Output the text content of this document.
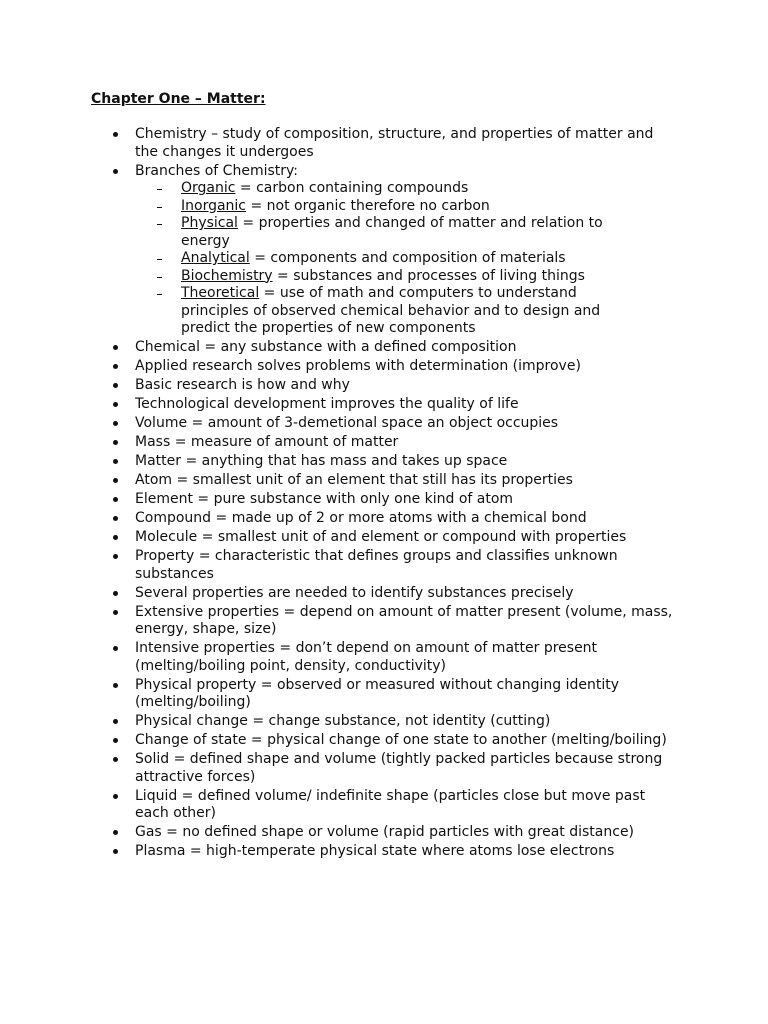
Chapter One – Matter:
Chemistry – study of composition, structure, and properties of matter and the changes it undergoes
Branches of Chemistry:
Organic = carbon containing compounds
Inorganic = not organic therefore no carbon
Physical = properties and changed of matter and relation to energy
Analytical = components and composition of materials
Biochemistry = substances and processes of living things
Theoretical = use of math and computers to understand principles of observed chemical behavior and to design and predict the properties of new components
Chemical = any substance with a defined composition
Applied research solves problems with determination (improve)
Basic research is how and why
Technological development improves the quality of life
Volume = amount of 3-demetional space an object occupies
Mass = measure of amount of matter
Matter = anything that has mass and takes up space
Atom = smallest unit of an element that still has its properties
Element = pure substance with only one kind of atom
Compound = made up of 2 or more atoms with a chemical bond
Molecule = smallest unit of and element or compound with properties
Property = characteristic that defines groups and classifies unknown substances
Several properties are needed to identify substances precisely
Extensive properties = depend on amount of matter present (volume, mass, energy, shape, size)
Intensive properties = don’t depend on amount of matter present (melting/boiling point, density, conductivity)
Physical property = observed or measured without changing identity (melting/boiling)
Physical change = change substance, not identity (cutting)
Change of state = physical change of one state to another (melting/boiling)
Solid = defined shape and volume (tightly packed particles because strong attractive forces)
Liquid = defined volume/ indefinite shape (particles close but move past each other)
Gas = no defined shape or volume (rapid particles with great distance)
Plasma = high-temperate physical state where atoms lose electrons
